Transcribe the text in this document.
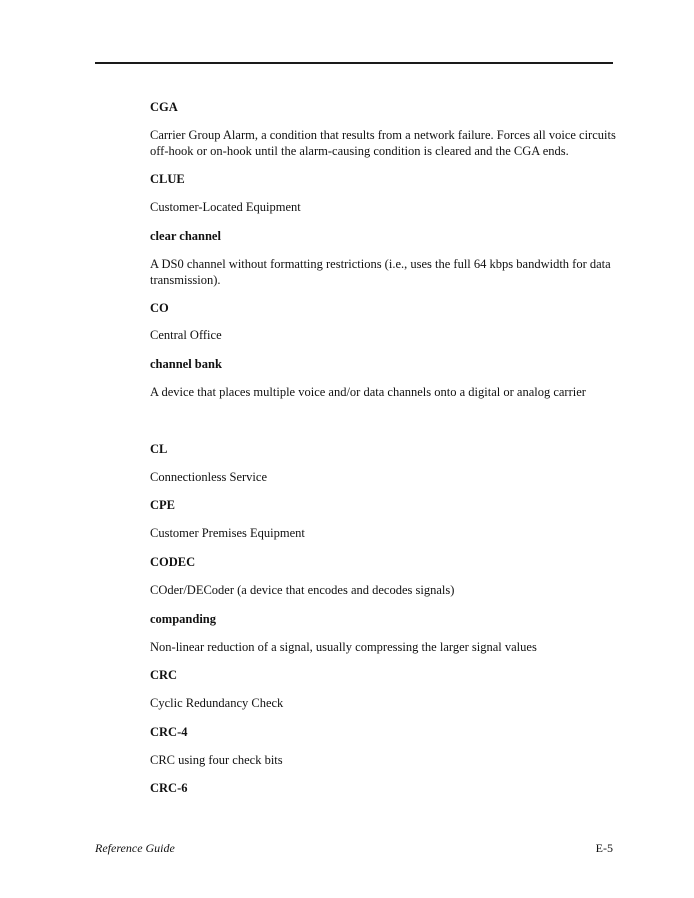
CGA
Carrier Group Alarm, a condition that results from a network failure. Forces all voice circuits off-hook or on-hook until the alarm-causing condition is cleared and the CGA ends.
CLUE
Customer-Located Equipment
clear channel
A DS0 channel without formatting restrictions (i.e., uses the full 64 kbps bandwidth for data transmission).
CO
Central Office
channel bank
A device that places multiple voice and/or data channels onto a digital or analog carrier
CL
Connectionless Service
CPE
Customer Premises Equipment
CODEC
COder/DECoder (a device that encodes and decodes signals)
companding
Non-linear reduction of a signal, usually compressing the larger signal values
CRC
Cyclic Redundancy Check
CRC-4
CRC using four check bits
CRC-6
Reference Guide	E-5
